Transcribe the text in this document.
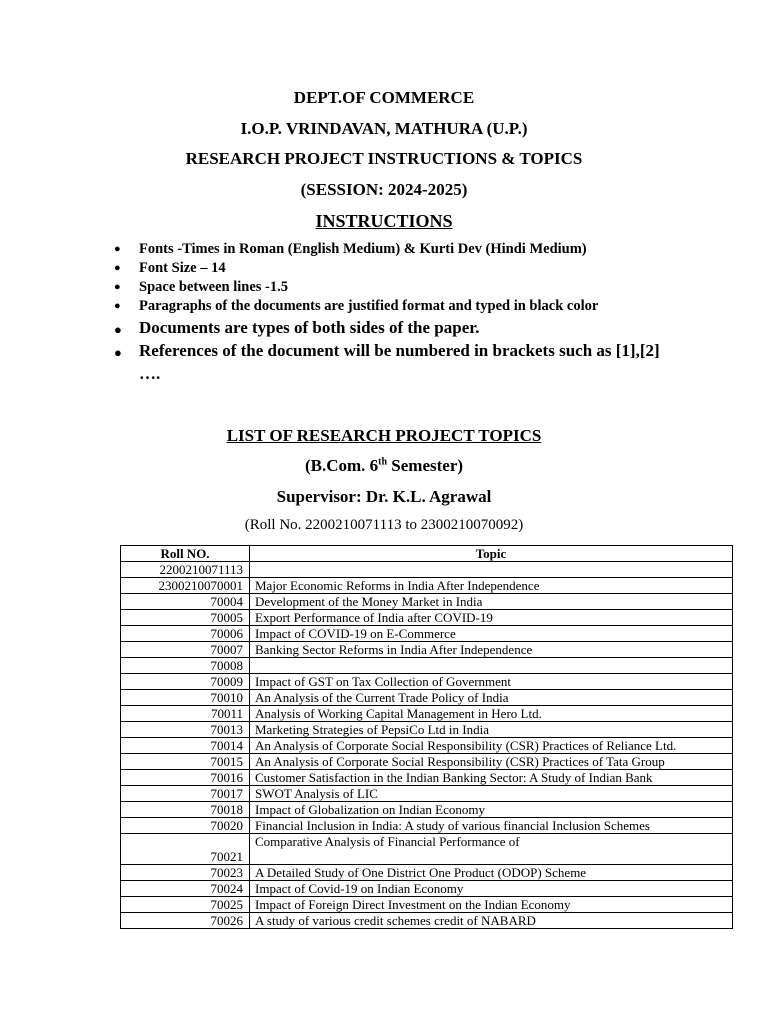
DEPT.OF COMMERCE
I.O.P. VRINDAVAN, MATHURA (U.P.)
RESEARCH PROJECT INSTRUCTIONS & TOPICS
(SESSION: 2024-2025)
INSTRUCTIONS
● Fonts -Times in Roman (English Medium) & Kurti Dev (Hindi Medium)
● Font Size – 14
● Space between lines -1.5
● Paragraphs of the documents are justified format and typed in black color
● Documents are types of both sides of the paper.
● References of the document will be numbered in brackets such as [1],[2] ….
LIST OF RESEARCH PROJECT TOPICS
(B.Com. 6th Semester)
Supervisor: Dr. K.L. Agrawal
(Roll No. 2200210071113 to 2300210070092)
Roll NO.	Topic
2200210071113	
2300210070001	Major Economic Reforms in India After Independence
70004	Development of the Money Market in India
70005	Export Performance of India after COVID-19
70006	Impact of COVID-19 on E-Commerce
70007	Banking Sector Reforms in India After Independence
70008	
70009	Impact of GST on Tax Collection of Government
70010	An Analysis of the Current Trade Policy of India
70011	Analysis of Working Capital Management in Hero Ltd.
70013	Marketing Strategies of PepsiCo Ltd in India
70014	An Analysis of Corporate Social Responsibility (CSR) Practices of Reliance Ltd.
70015	An Analysis of Corporate Social Responsibility (CSR) Practices of Tata Group
70016	Customer Satisfaction in the Indian Banking Sector: A Study of Indian Bank
70017	SWOT Analysis of LIC
70018	Impact of Globalization on Indian Economy
70020	Financial Inclusion in India: A study of various financial Inclusion Schemes
70021	Comparative Analysis of Financial Performance of
70023	A Detailed Study of One District One Product (ODOP) Scheme
70024	Impact of Covid-19 on Indian Economy
70025	Impact of Foreign Direct Investment on the Indian Economy
70026	A study of various credit schemes credit of NABARD
